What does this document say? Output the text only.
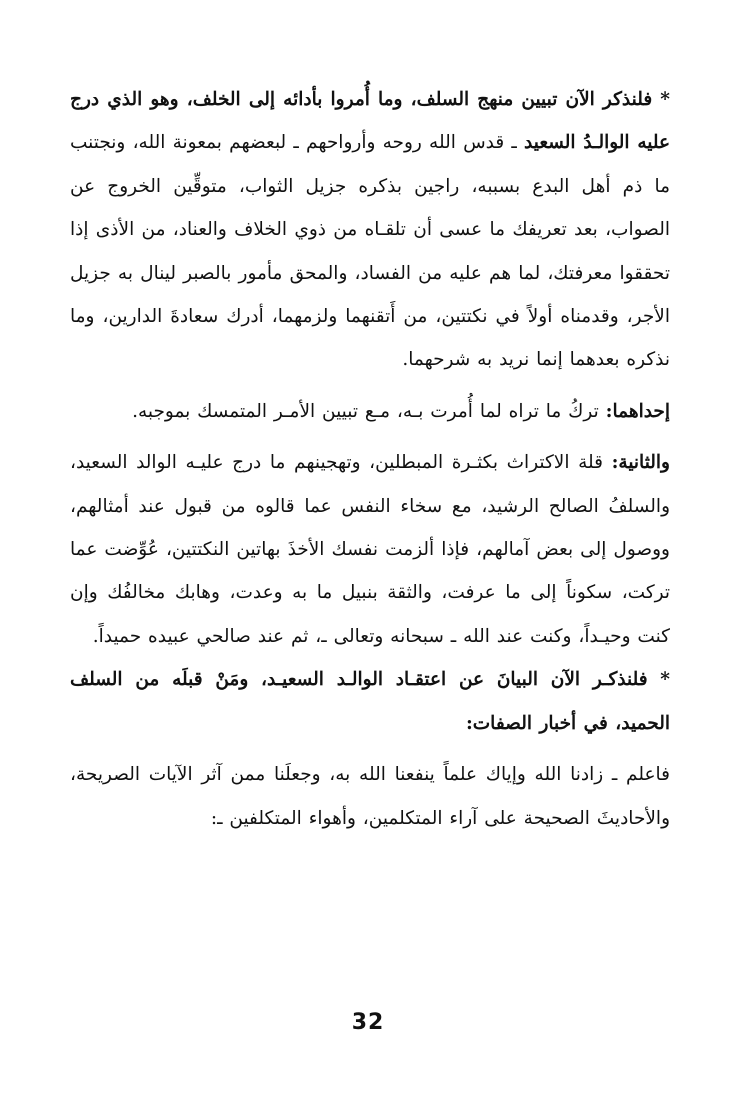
* فلنذكر الآن تبيين منهج السلف، وما أُمروا بأدائه إلى الخلف، وهو الذي درج عليه الوالـدُ السعيد ـ قدس الله روحه وأرواحهم ـ لبعضهم بمعونة الله، ونجتنب ما ذم أهل البدع بسببه، راجين بذكره جزيل الثواب، متوقِّين الخروج عن الصواب، بعد تعريفك ما عسى أن تلقـاه من ذوي الخلاف والعناد، من الأذى إذا تحققوا معرفتك، لما هم عليه من الفساد، والمحق مأمور بالصبر لينال به جزيل الأجر، وقدمناه أولاً في نكتتين، من أَتقنهما ولزمهما، أدرك سعادةَ الدارين، وما نذكره بعدهما إنما نريد به شرحهما.

إحداهما: تركُ ما تراه لما أُمرت بـه، مـع تبيين الأمـر المتمسك بموجبه.

والثانية: قلة الاكتراث بكثـرة المبطلين، وتهجينهم ما درج عليـه الوالد السعيد، والسلفُ الصالح الرشيد، مع سخاء النفس عما قالوه من قبول عند أمثالهم، ووصول إلى بعض آمالهم، فإذا ألزمت نفسك الأخذَ بهاتين النكتتين، عُوِّضت عما تركت، سكوناً إلى ما عرفت، والثقة بنبيل ما به وعدت، وهابك مخالفُك وإن كنت وحيـداً، وكنت عند الله ـ سبحانه وتعالى ـ، ثم عند صالحي عبيده حميداً.

* فلنذكـر الآن البيانَ عن اعتقـاد الوالـد السعيـد، ومَنْ قبلَه من السلف الحميد، في أخبار الصفات:

فاعلم ـ زادنا الله وإياك علماً ينفعنا الله به، وجعلَنا ممن آثر الآيات الصريحة، والأحاديثَ الصحيحة على آراء المتكلمين، وأهواء المتكلفين ـ:

32
